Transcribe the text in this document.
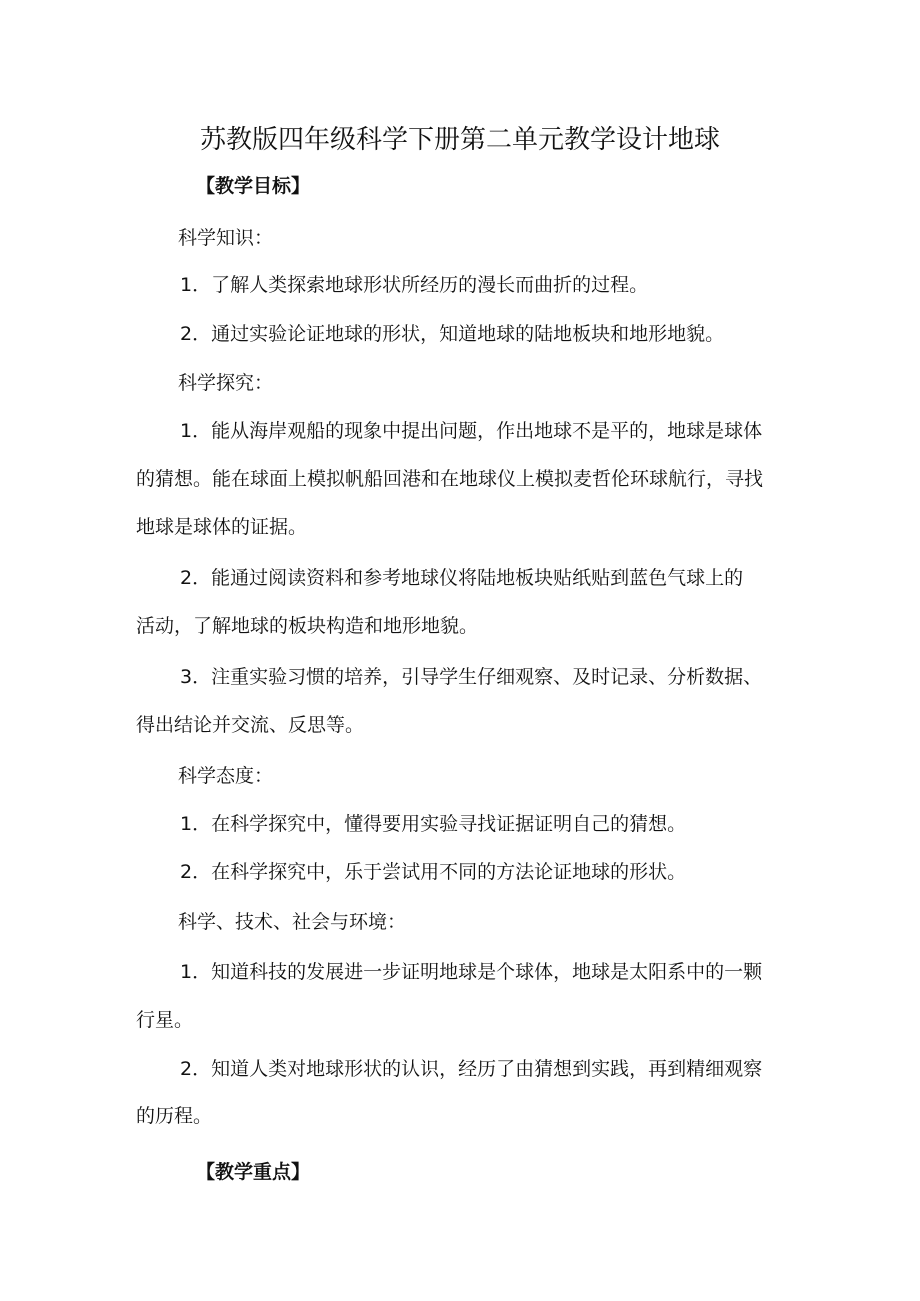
苏教版四年级科学下册第二单元教学设计地球
【教学目标】
科学知识：
1．了解人类探索地球形状所经历的漫长而曲折的过程。
2．通过实验论证地球的形状，知道地球的陆地板块和地形地貌。
科学探究：
1．能从海岸观船的现象中提出问题，作出地球不是平的，地球是球体
的猜想。能在球面上模拟帆船回港和在地球仪上模拟麦哲伦环球航行，寻找
地球是球体的证据。
2．能通过阅读资料和参考地球仪将陆地板块贴纸贴到蓝色气球上的
活动，了解地球的板块构造和地形地貌。
3．注重实验习惯的培养，引导学生仔细观察、及时记录、分析数据、
得出结论并交流、反思等。
科学态度：
1．在科学探究中，懂得要用实验寻找证据证明自己的猜想。
2．在科学探究中，乐于尝试用不同的方法论证地球的形状。
科学、技术、社会与环境：
1．知道科技的发展进一步证明地球是个球体，地球是太阳系中的一颗
行星。
2．知道人类对地球形状的认识，经历了由猜想到实践，再到精细观察
的历程。
【教学重点】
